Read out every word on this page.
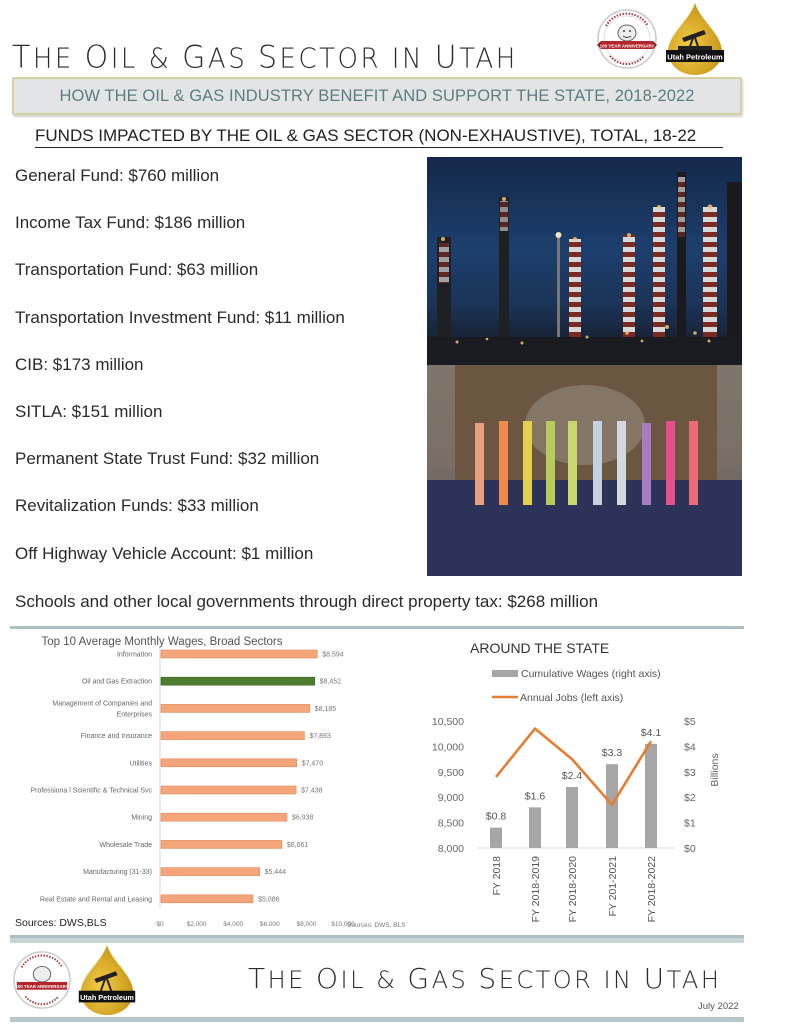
THE OIL & GAS SECTOR IN UTAH	100 YEAR ANNIVERSARY
Utah Petroleum
HOW THE OIL & GAS INDUSTRY BENEFIT AND SUPPORT THE STATE, 2018-2022
FUNDS IMPACTED BY THE OIL & GAS SECTOR (NON-EXHAUSTIVE), TOTAL, 18-22
General Fund: $760 million
Income Tax Fund: $186 million
Transportation Fund: $63 million
Transportation Investment Fund: $11 million
CIB: $173 million
SITLA: $151 million
Permanent State Trust Fund: $32 million
Revitalization Funds: $33 million
Off Highway Vehicle Account: $1 million
Schools and other local governments through direct property tax: $268 million
Top 10 Average Monthly Wages, Broad Sectors
Information
Oil and Gas Extraction
Management of Companies and
Enterprises
Finance and Insurance
Utilities
Professiona l Scientific & Technical Svc
Mining
Wholesale Trade
Manufacturing (31-33)
Real Estate and Rental and Leasing
$8,594
$8,452
$8,185
$7,893
$7,470
$7,438
$6,938
$6,661
$5,444
$5,086
$0	$2,000	$4,000	$6,000	$8,000 $10,000
Sources: DWS,BLS	Sources: DWS, BLS
AROUND THE STATE
Cumulative Wages (right axis)
Annual Jobs (left axis)
8,000
8,500
9,000
9,500
10,000
10,500
$0
$1
$2
$3
$4
$5
Billions
$0.8
$1.6
$2.4
$3.3
$4.1
FY 2018	FY 2018-2019 FY 2018-2020	FY 201-2021	FY 2018-2022
100 YEAR ANNIVERSARY
Utah Petroleum
THE OIL & GAS SECTOR IN UTAH
July 2022
